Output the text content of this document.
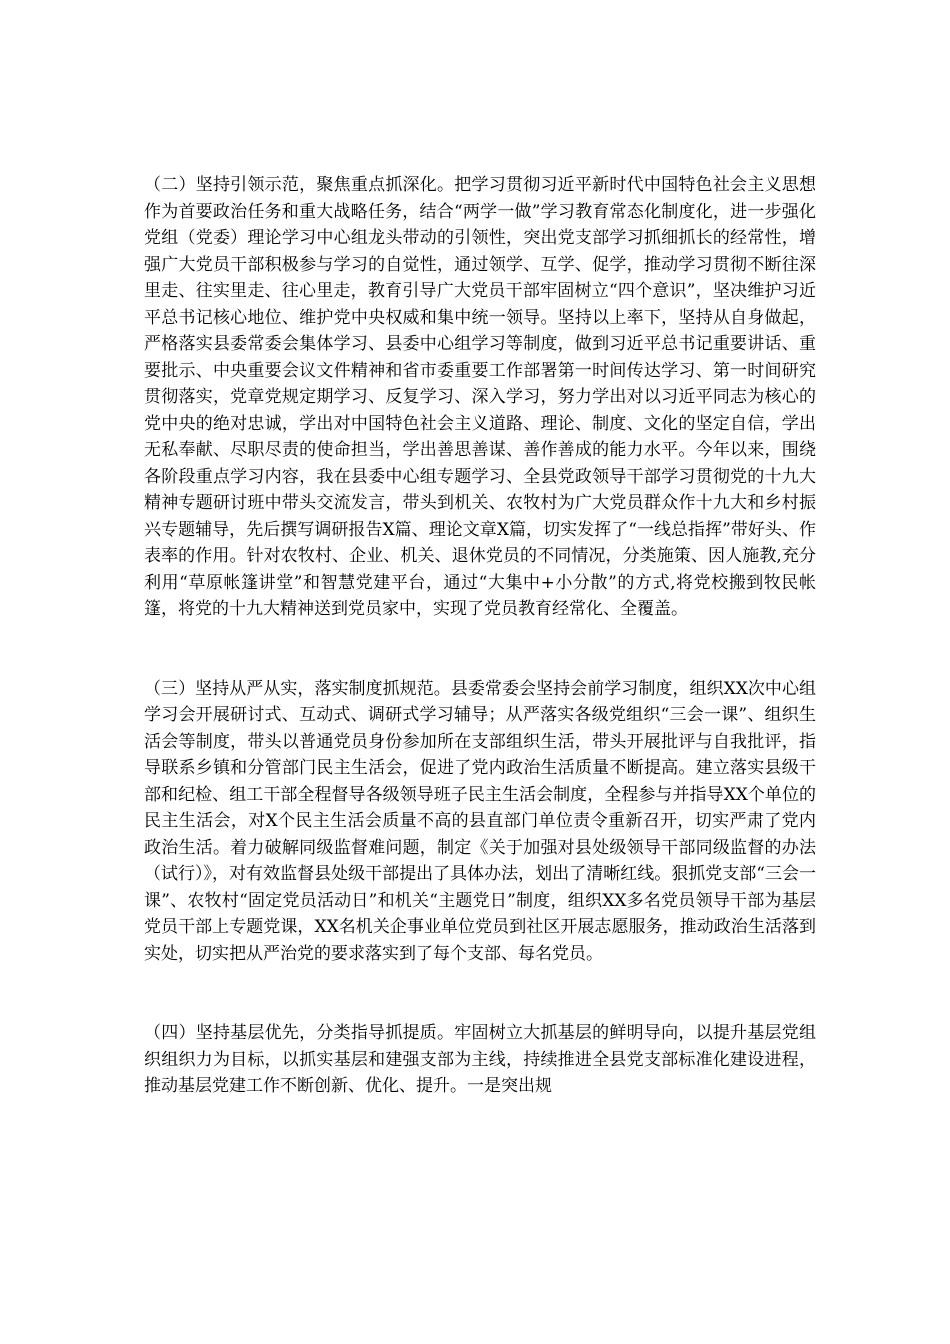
（二）坚持引领示范，聚焦重点抓深化。把学习贯彻习近平新时代中国特色社会主义思想作为首要政治任务和重大战略任务，结合“两学一做”学习教育常态化制度化，进一步强化党组（党委）理论学习中心组龙头带动的引领性，突出党支部学习抓细抓长的经常性，增强广大党员干部积极参与学习的自觉性，通过领学、互学、促学，推动学习贯彻不断往深里走、往实里走、往心里走，教育引导广大党员干部牢固树立“四个意识”，坚决维护习近平总书记核心地位、维护党中央权威和集中统一领导。坚持以上率下，坚持从自身做起，严格落实县委常委会集体学习、县委中心组学习等制度，做到习近平总书记重要讲话、重要批示、中央重要会议文件精神和省市委重要工作部署第一时间传达学习、第一时间研究贯彻落实，党章党规定期学习、反复学习、深入学习，努力学出对以习近平同志为核心的党中央的绝对忠诚，学出对中国特色社会主义道路、理论、制度、文化的坚定自信，学出无私奉献、尽职尽责的使命担当，学出善思善谋、善作善成的能力水平。今年以来，围绕各阶段重点学习内容，我在县委中心组专题学习、全县党政领导干部学习贯彻党的十九大精神专题研讨班中带头交流发言，带头到机关、农牧村为广大党员群众作十九大和乡村振兴专题辅导，先后撰写调研报告X篇、理论文章X篇，切实发挥了“一线总指挥”带好头、作表率的作用。针对农牧村、企业、机关、退休党员的不同情况，分类施策、因人施教,充分利用“草原帐篷讲堂”和智慧党建平台，通过“大集中+小分散”的方式,将党校搬到牧民帐篷，将党的十九大精神送到党员家中，实现了党员教育经常化、全覆盖。

（三）坚持从严从实，落实制度抓规范。县委常委会坚持会前学习制度，组织XX次中心组学习会开展研讨式、互动式、调研式学习辅导；从严落实各级党组织“三会一课”、组织生活会等制度，带头以普通党员身份参加所在支部组织生活，带头开展批评与自我批评，指导联系乡镇和分管部门民主生活会，促进了党内政治生活质量不断提高。建立落实县级干部和纪检、组工干部全程督导各级领导班子民主生活会制度，全程参与并指导XX个单位的民主生活会，对X个民主生活会质量不高的县直部门单位责令重新召开，切实严肃了党内政治生活。着力破解同级监督难问题，制定《关于加强对县处级领导干部同级监督的办法（试行）》，对有效监督县处级干部提出了具体办法，划出了清晰红线。狠抓党支部“三会一课”、农牧村“固定党员活动日”和机关“主题党日”制度，组织XX多名党员领导干部为基层党员干部上专题党课，XX名机关企事业单位党员到社区开展志愿服务，推动政治生活落到实处，切实把从严治党的要求落实到了每个支部、每名党员。

（四）坚持基层优先，分类指导抓提质。牢固树立大抓基层的鲜明导向，以提升基层党组织组织力为目标，以抓实基层和建强支部为主线，持续推进全县党支部标准化建设进程，推动基层党建工作不断创新、优化、提升。一是突出规
